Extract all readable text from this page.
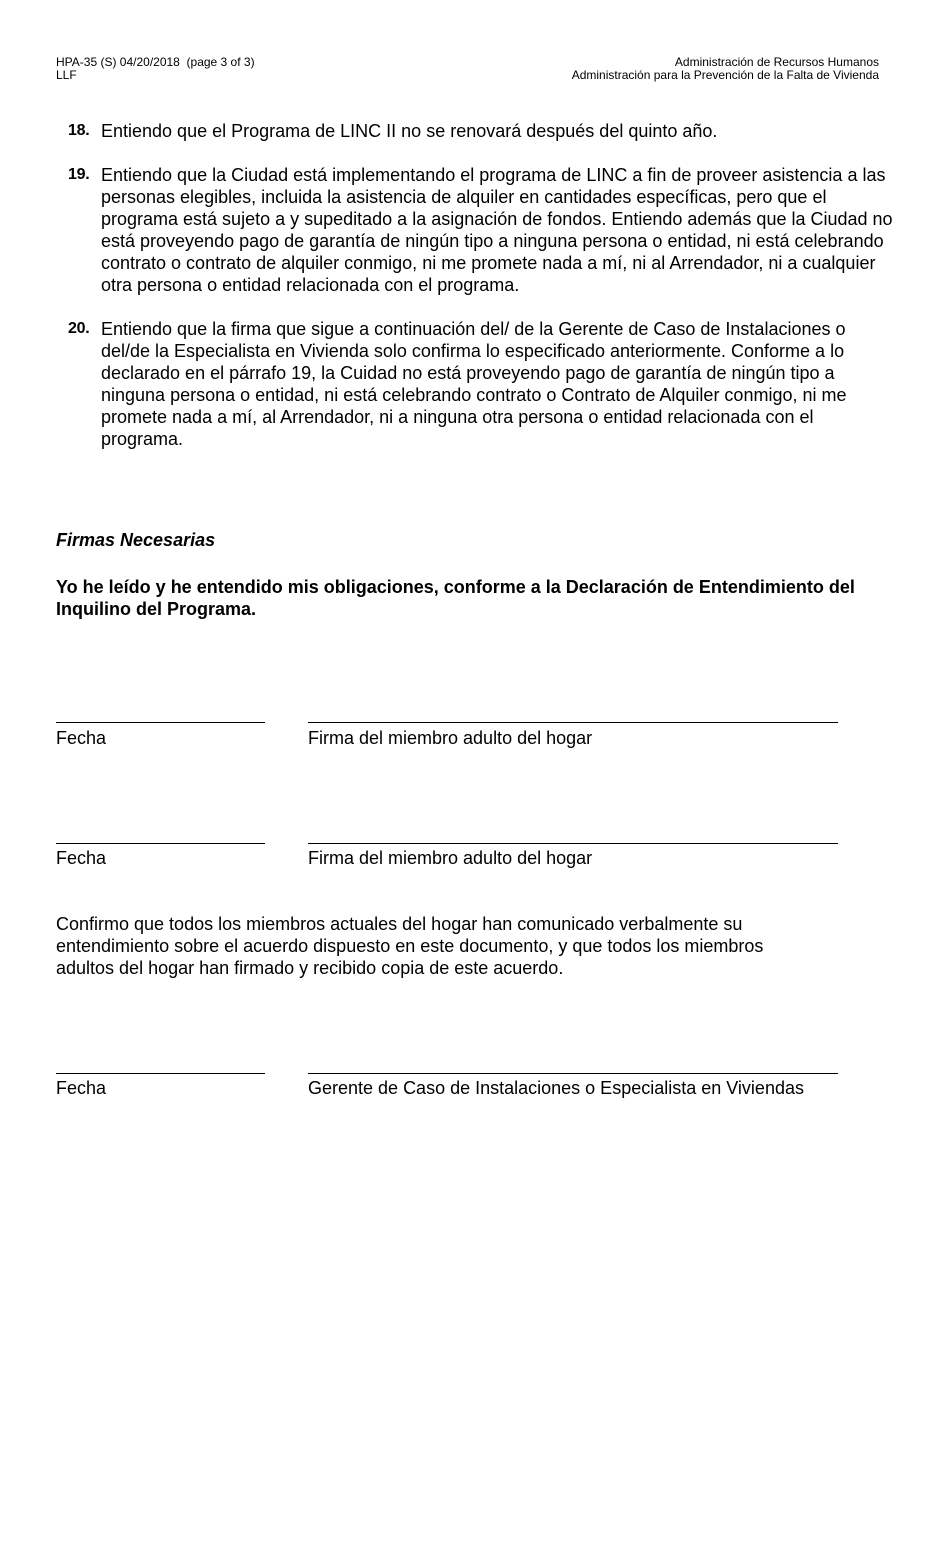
HPA-35 (S) 04/20/2018  (page 3 of 3)
LLF
Administración de Recursos Humanos
Administración para la Prevención de la Falta de Vivienda
18. Entiendo que el Programa de LINC II no se renovará después del quinto año.
19. Entiendo que la Ciudad está implementando el programa de LINC a fin de proveer asistencia a las personas elegibles, incluida la asistencia de alquiler en cantidades específicas, pero que el programa está sujeto a y supeditado a la asignación de fondos. Entiendo además que la Ciudad no está proveyendo pago de garantía de ningún tipo a ninguna persona o entidad, ni está celebrando contrato o contrato de alquiler conmigo, ni me promete nada a mí, ni al Arrendador, ni a cualquier otra persona o entidad relacionada con el programa.
20. Entiendo que la firma que sigue a continuación del/ de la Gerente de Caso de Instalaciones o del/de la Especialista en Vivienda solo confirma lo especificado anteriormente. Conforme a lo declarado en el párrafo 19, la Cuidad no está proveyendo pago de garantía de ningún tipo a ninguna persona o entidad, ni está celebrando contrato o Contrato de Alquiler conmigo, ni me promete nada a mí, al Arrendador, ni a ninguna otra persona o entidad relacionada con el programa.
Firmas Necesarias
Yo he leído y he entendido mis obligaciones, conforme a la Declaración de Entendimiento del Inquilino del Programa.
Fecha	Firma del miembro adulto del hogar
Fecha	Firma del miembro adulto del hogar
Confirmo que todos los miembros actuales del hogar han comunicado verbalmente su entendimiento sobre el acuerdo dispuesto en este documento, y que todos los miembros adultos del hogar han firmado y recibido copia de este acuerdo.
Fecha	Gerente de Caso de Instalaciones o Especialista en Viviendas
